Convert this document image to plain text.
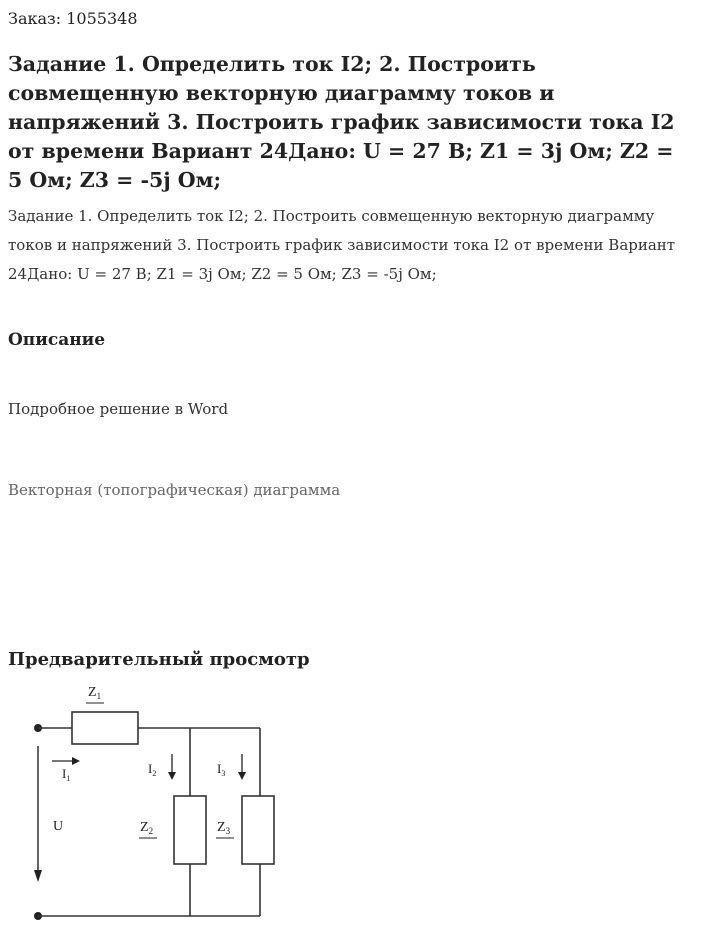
Заказ: 1055348
Задание 1. Определить ток I2; 2. Построить совмещенную векторную диаграмму токов и напряжений 3. Построить график зависимости тока I2 от времени Вариант 24Дано: U = 27 В; Z1 = 3j Ом; Z2 = 5 Ом; Z3 = -5j Ом;
Задание 1. Определить ток I2; 2. Построить совмещенную векторную диаграмму токов и напряжений 3. Построить график зависимости тока I2 от времени Вариант 24Дано: U = 27 В; Z1 = 3j Ом; Z2 = 5 Ом; Z3 = -5j Ом;
Описание
Подробное решение в Word
Векторная (топографическая) диаграмма
Предварительный просмотр
$Z_1$
$Z_2$	$Z_3$
U
$I_1$
$I_2$	$I_3$
